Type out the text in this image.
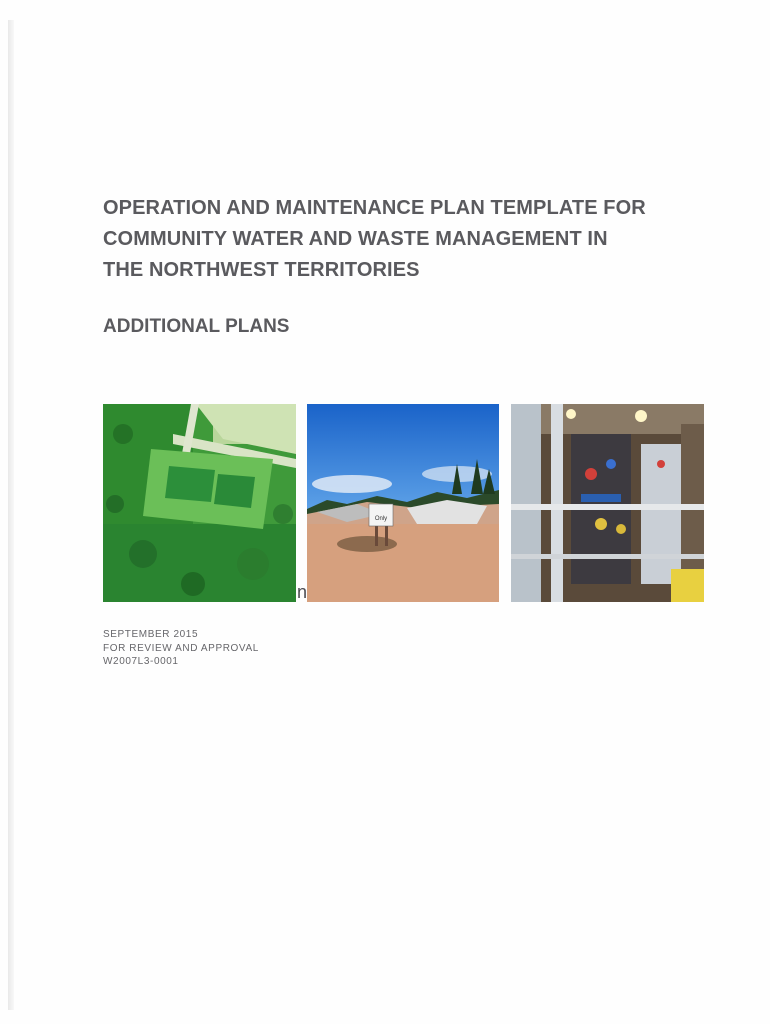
OPERATION AND MAINTENANCE PLAN TEMPLATE FOR
COMMUNITY WATER AND WASTE MANAGEMENT IN
THE NORTHWEST TERRITORIES
ADDITIONAL PLANS
Only
n
SEPTEMBER 2015
FOR REVIEW AND APPROVAL
W2007L3-0001
